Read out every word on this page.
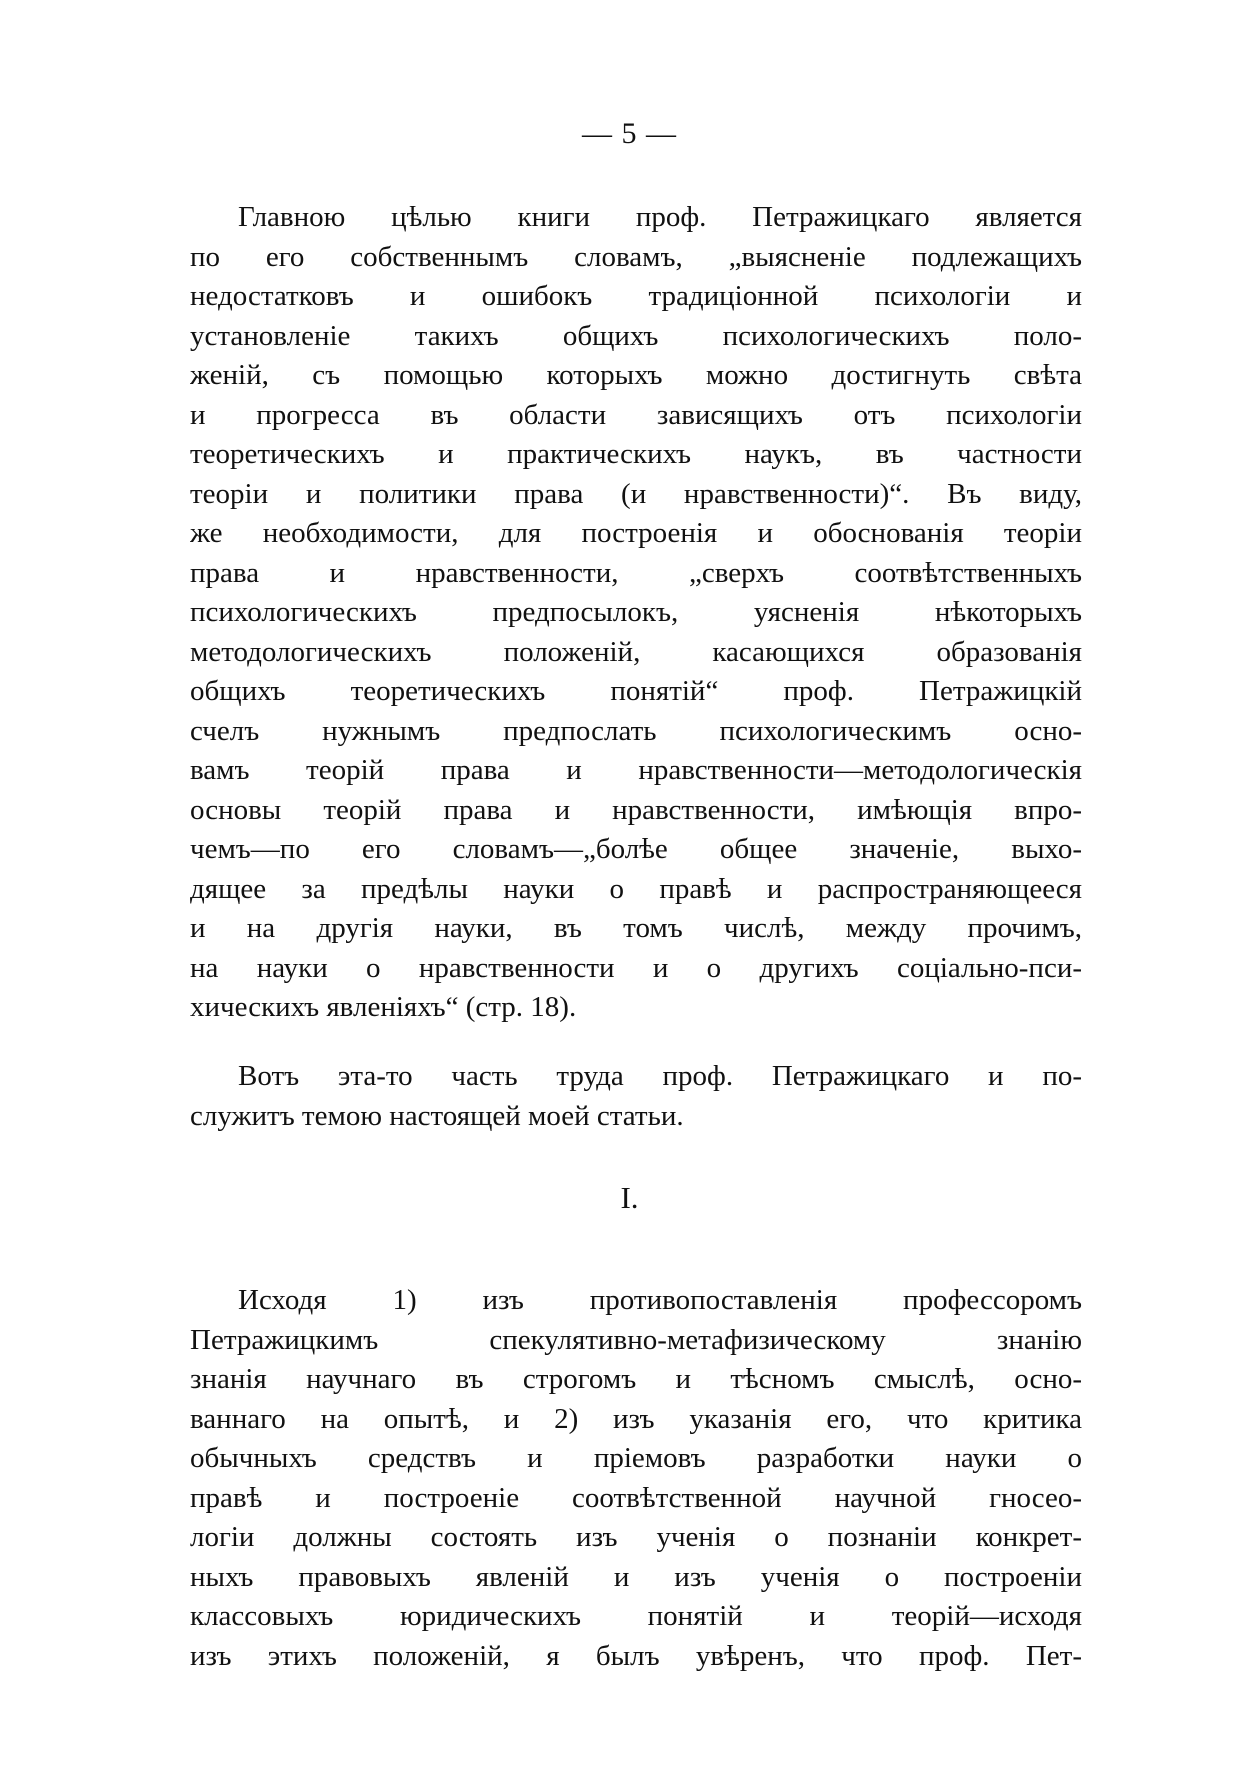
— 5 —
Главною цѣлью книги проф. Петражицкаго является
по его собственнымъ словамъ, „выясненіе подлежащихъ
недостатковъ и ошибокъ традиціонной психологіи и
установленіе такихъ общихъ психологическихъ поло-
женій, съ помощью которыхъ можно достигнуть свѣта
и прогресса въ области зависящихъ отъ психологіи
теоретическихъ и практическихъ наукъ, въ частности
теоріи и политики права (и нравственности)“. Въ виду,
же необходимости, для построенія и обоснованія теоріи
права и нравственности, „сверхъ соотвѣтственныхъ
психологическихъ предпосылокъ, уясненія нѣкоторыхъ
методологическихъ положеній, касающихся образованія
общихъ теоретическихъ понятій“ проф. Петражицкій
счелъ нужнымъ предпослать психологическимъ осно-
вамъ теорій права и нравственности—методологическія
основы теорій права и нравственности, имѣющія впро-
чемъ—по его словамъ—„болѣе общее значеніе, выхо-
дящее за предѣлы науки о правѣ и распространяющееся
и на другія науки, въ томъ числѣ, между прочимъ,
на науки о нравственности и о другихъ соціально-пси-
хическихъ явленіяхъ“ (стр. 18).
Вотъ эта-то часть труда проф. Петражицкаго и по-
служитъ темою настоящей моей статьи.
I.
Исходя 1) изъ противопоставленія профессоромъ
Петражицкимъ спекулятивно-метафизическому знанію
знанія научнаго въ строгомъ и тѣсномъ смыслѣ, осно-
ваннаго на опытѣ, и 2) изъ указанія его, что критика
обычныхъ средствъ и пріемовъ разработки науки о
правѣ и построеніе соотвѣтственной научной гносео-
логіи должны состоять изъ ученія о познаніи конкрет-
ныхъ правовыхъ явленій и изъ ученія о построеніи
классовыхъ юридическихъ понятій и теорій—исходя
изъ этихъ положеній, я былъ увѣренъ, что проф. Пет-
